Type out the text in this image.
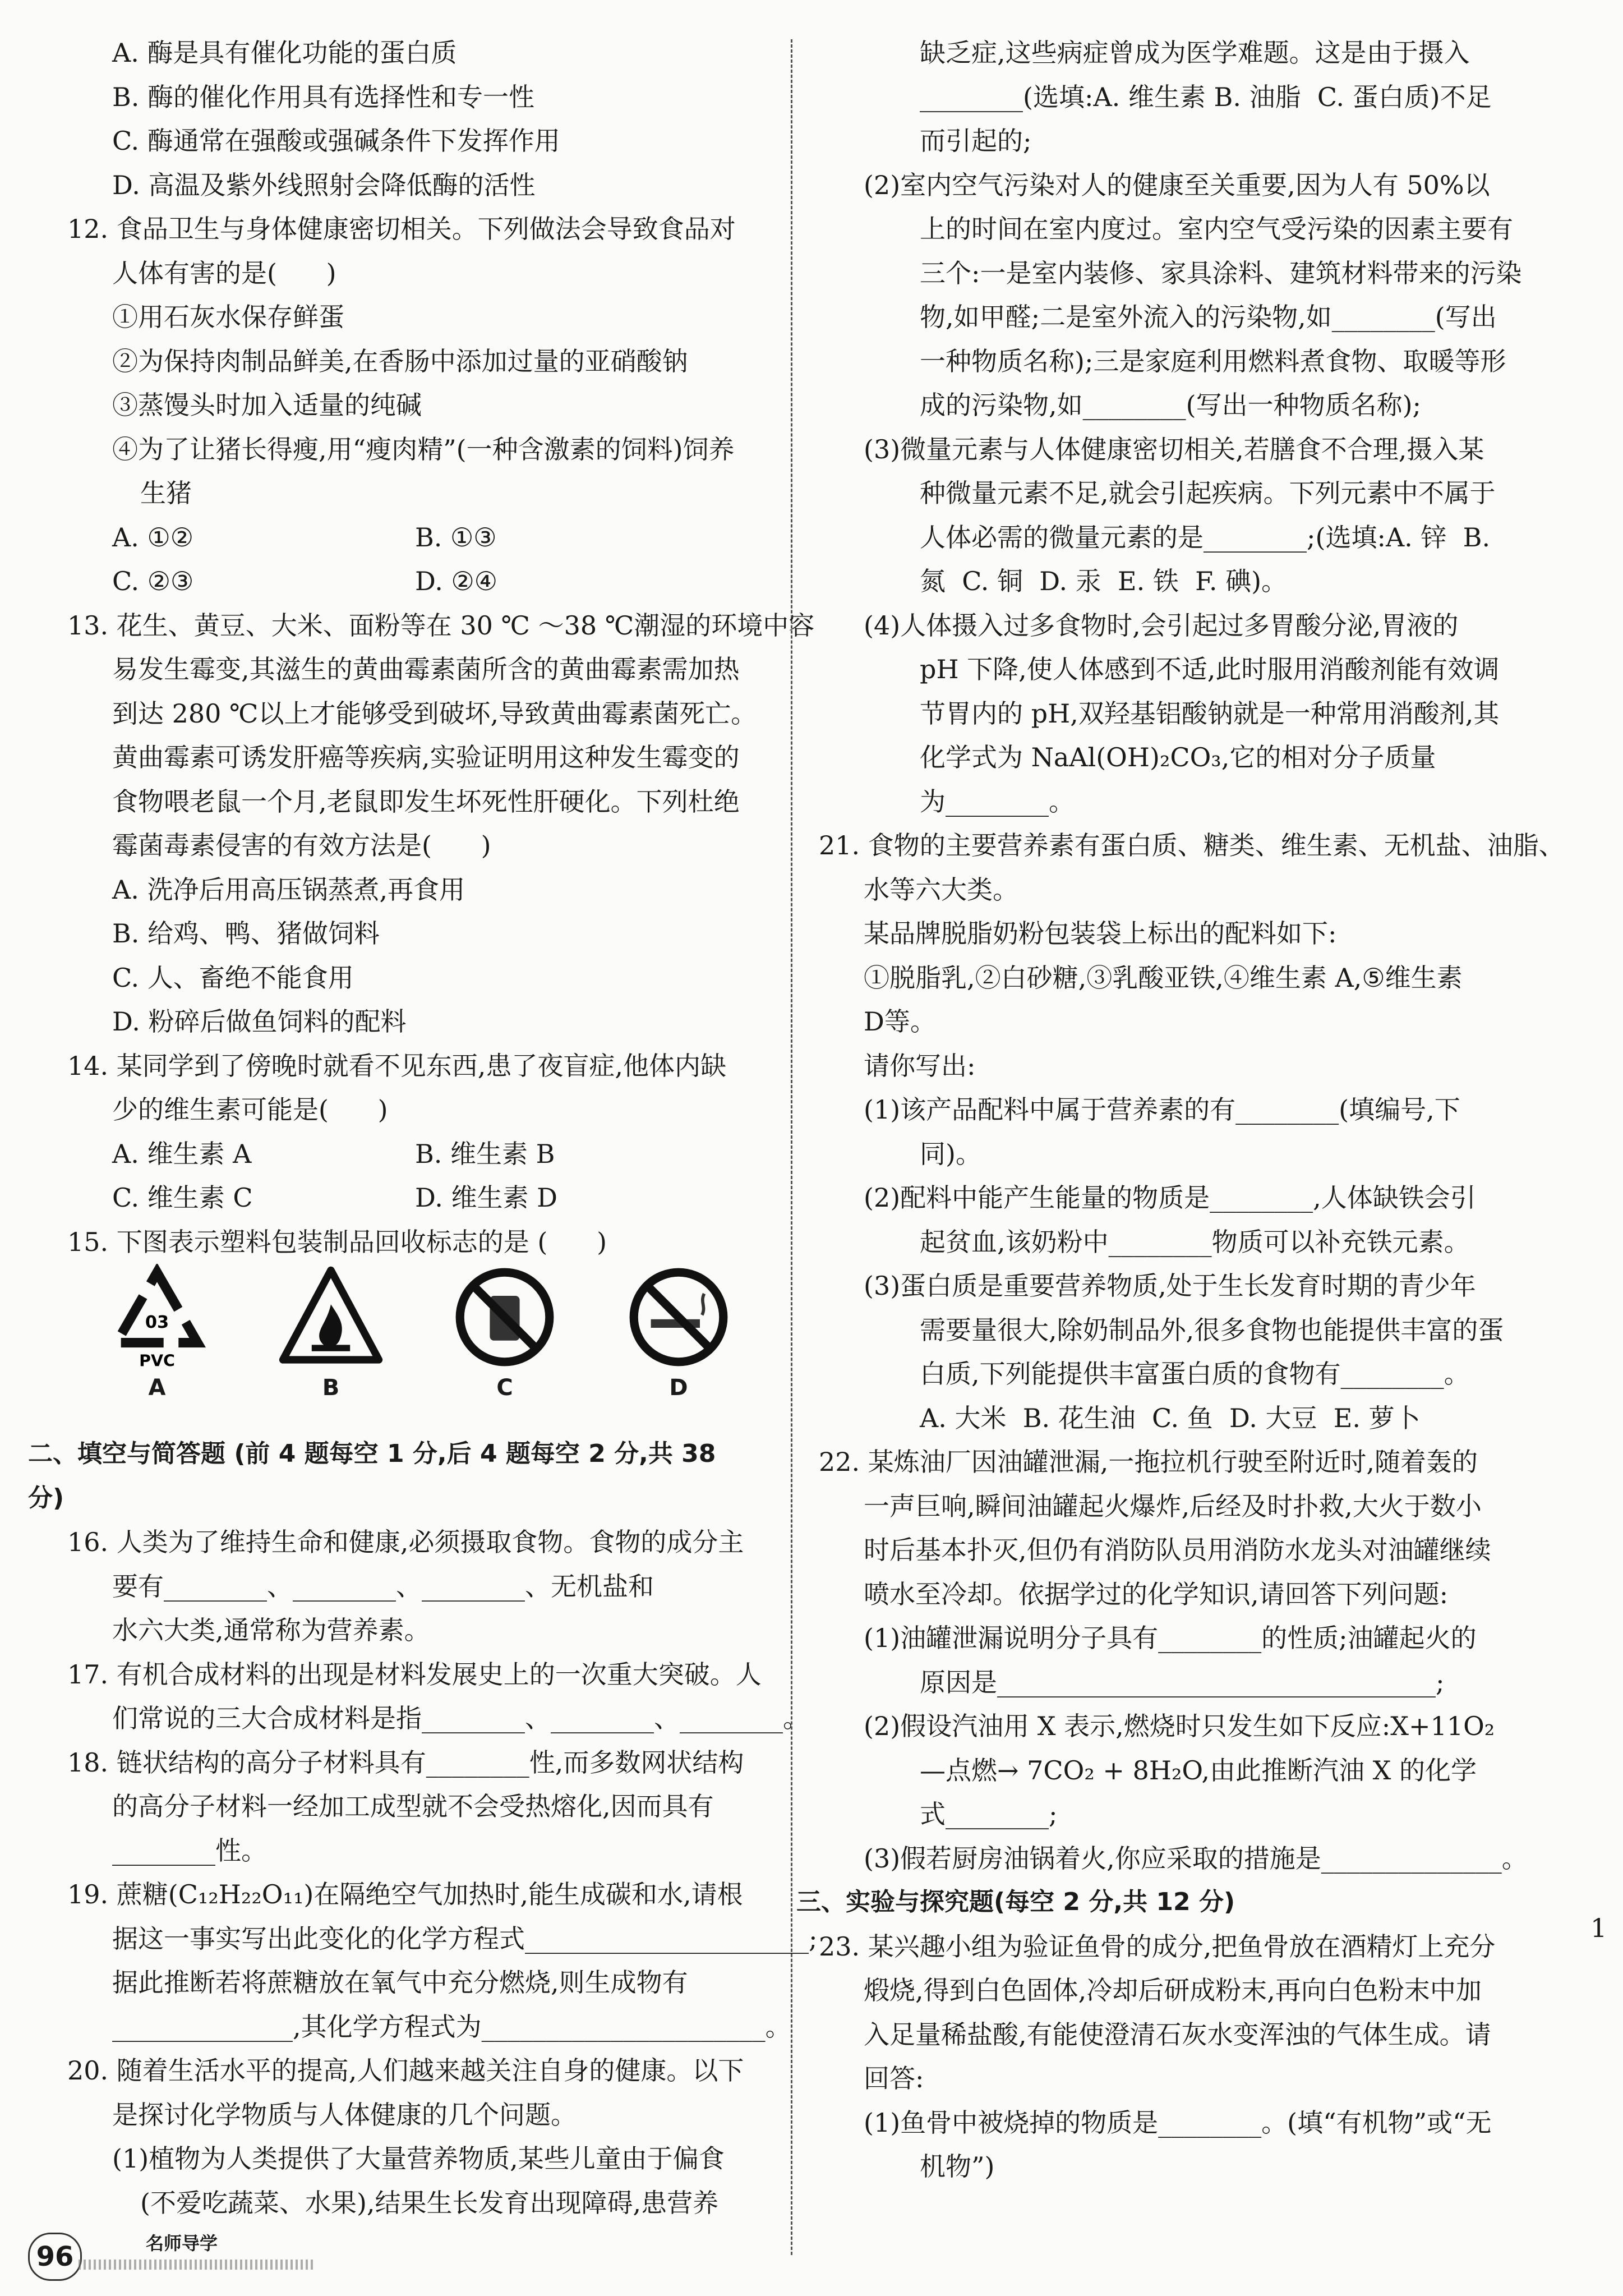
A. 酶是具有催化功能的蛋白质
B. 酶的催化作用具有选择性和专一性
C. 酶通常在强酸或强碱条件下发挥作用
D. 高温及紫外线照射会降低酶的活性
12. 食品卫生与身体健康密切相关。下列做法会导致食品对
人体有害的是(      )
①用石灰水保存鲜蛋
②为保持肉制品鲜美,在香肠中添加过量的亚硝酸钠
③蒸馒头时加入适量的纯碱
④为了让猪长得瘦,用“瘦肉精”(一种含激素的饲料)饲养
生猪
A. ①②	B. ①③
C. ②③	D. ②④
13. 花生、黄豆、大米、面粉等在 30 ℃ ～38 ℃潮湿的环境中容
易发生霉变,其滋生的黄曲霉素菌所含的黄曲霉素需加热
到达 280 ℃以上才能够受到破坏,导致黄曲霉素菌死亡。
黄曲霉素可诱发肝癌等疾病,实验证明用这种发生霉变的
食物喂老鼠一个月,老鼠即发生坏死性肝硬化。下列杜绝
霉菌毒素侵害的有效方法是(      )
A. 洗净后用高压锅蒸煮,再食用
B. 给鸡、鸭、猪做饲料
C. 人、畜绝不能食用
D. 粉碎后做鱼饲料的配料
14. 某同学到了傍晚时就看不见东西,患了夜盲症,他体内缺
少的维生素可能是(      )
A. 维生素 A	B. 维生素 B
C. 维生素 C	D. 维生素 D
15. 下图表示塑料包装制品回收标志的是 (      )
03
PVC
A	B	C	D
二、填空与简答题 (前 4 题每空 1 分,后 4 题每空 2 分,共 38
分)
16. 人类为了维持生命和健康,必须摄取食物。食物的成分主
要有________、________、________、无机盐和
水六大类,通常称为营养素。
17. 有机合成材料的出现是材料发展史上的一次重大突破。人
们常说的三大合成材料是指________、________、________。
18. 链状结构的高分子材料具有________性,而多数网状结构
的高分子材料一经加工成型就不会受热熔化,因而具有
________性。
19. 蔗糖(C₁₂H₂₂O₁₁)在隔绝空气加热时,能生成碳和水,请根
据这一事实写出此变化的化学方程式______________________;
据此推断若将蔗糖放在氧气中充分燃烧,则生成物有
______________,其化学方程式为______________________。
20. 随着生活水平的提高,人们越来越关注自身的健康。以下
是探讨化学物质与人体健康的几个问题。
(1)植物为人类提供了大量营养物质,某些儿童由于偏食
(不爱吃蔬菜、水果),结果生长发育出现障碍,患营养
缺乏症,这些病症曾成为医学难题。这是由于摄入
________(选填:A. 维生素 B. 油脂  C. 蛋白质)不足
而引起的;
(2)室内空气污染对人的健康至关重要,因为人有 50%以
上的时间在室内度过。室内空气受污染的因素主要有
三个:一是室内装修、家具涂料、建筑材料带来的污染
物,如甲醛;二是室外流入的污染物,如________(写出
一种物质名称);三是家庭利用燃料煮食物、取暖等形
成的污染物,如________(写出一种物质名称);
(3)微量元素与人体健康密切相关,若膳食不合理,摄入某
种微量元素不足,就会引起疾病。下列元素中不属于
人体必需的微量元素的是________;(选填:A. 锌  B.
氮  C. 铜  D. 汞  E. 铁  F. 碘)。
(4)人体摄入过多食物时,会引起过多胃酸分泌,胃液的
pH 下降,使人体感到不适,此时服用消酸剂能有效调
节胃内的 pH,双羟基铝酸钠就是一种常用消酸剂,其
化学式为 NaAl(OH)₂CO₃,它的相对分子质量
为________。
21. 食物的主要营养素有蛋白质、糖类、维生素、无机盐、油脂、
水等六大类。
某品牌脱脂奶粉包装袋上标出的配料如下:
①脱脂乳,②白砂糖,③乳酸亚铁,④维生素 A,⑤维生素
D等。
请你写出:
(1)该产品配料中属于营养素的有________(填编号,下
同)。
(2)配料中能产生能量的物质是________,人体缺铁会引
起贫血,该奶粉中________物质可以补充铁元素。
(3)蛋白质是重要营养物质,处于生长发育时期的青少年
需要量很大,除奶制品外,很多食物也能提供丰富的蛋
白质,下列能提供丰富蛋白质的食物有________。
A. 大米  B. 花生油  C. 鱼  D. 大豆  E. 萝卜
22. 某炼油厂因油罐泄漏,一拖拉机行驶至附近时,随着轰的
一声巨响,瞬间油罐起火爆炸,后经及时扑救,大火于数小
时后基本扑灭,但仍有消防队员用消防水龙头对油罐继续
喷水至冷却。依据学过的化学知识,请回答下列问题:
(1)油罐泄漏说明分子具有________的性质;油罐起火的
原因是__________________________________;
(2)假设汽油用 X 表示,燃烧时只发生如下反应:X+11O₂
—点燃→ 7CO₂ + 8H₂O,由此推断汽油 X 的化学
式________;
(3)假若厨房油锅着火,你应采取的措施是______________。
三、实验与探究题(每空 2 分,共 12 分)
23. 某兴趣小组为验证鱼骨的成分,把鱼骨放在酒精灯上充分
煅烧,得到白色固体,冷却后研成粉末,再向白色粉末中加
入足量稀盐酸,有能使澄清石灰水变浑浊的气体生成。请
回答:
(1)鱼骨中被烧掉的物质是________。(填“有机物”或“无
机物”)
96	名师导学
1
